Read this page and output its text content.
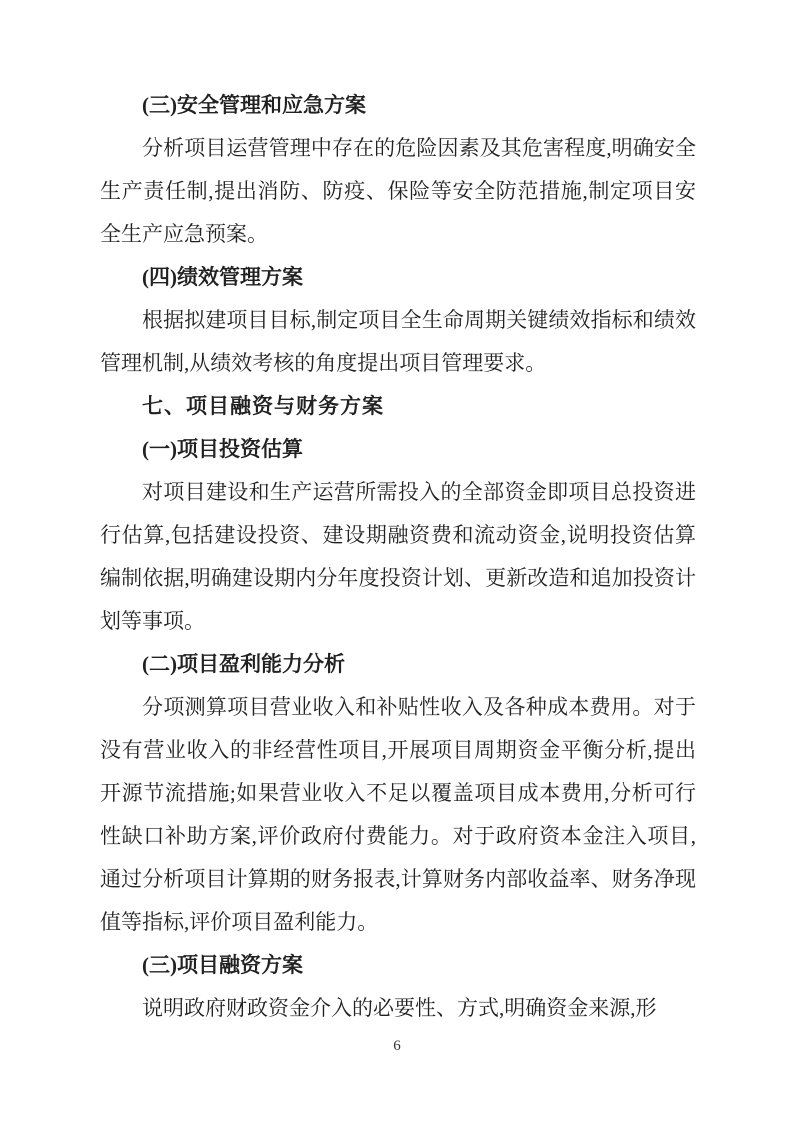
(三)安全管理和应急方案

分析项目运营管理中存在的危险因素及其危害程度,明确安全生产责任制,提出消防、防疫、保险等安全防范措施,制定项目安全生产应急预案。

(四)绩效管理方案

根据拟建项目目标,制定项目全生命周期关键绩效指标和绩效管理机制,从绩效考核的角度提出项目管理要求。

七、项目融资与财务方案
(一)项目投资估算

对项目建设和生产运营所需投入的全部资金即项目总投资进行估算,包括建设投资、建设期融资费和流动资金,说明投资估算编制依据,明确建设期内分年度投资计划、更新改造和追加投资计划等事项。

(二)项目盈利能力分析

分项测算项目营业收入和补贴性收入及各种成本费用。对于没有营业收入的非经营性项目,开展项目周期资金平衡分析,提出开源节流措施;如果营业收入不足以覆盖项目成本费用,分析可行性缺口补助方案,评价政府付费能力。对于政府资本金注入项目,通过分析项目计算期的财务报表,计算财务内部收益率、财务净现值等指标,评价项目盈利能力。

(三)项目融资方案

说明政府财政资金介入的必要性、方式,明确资金来源,形

6
